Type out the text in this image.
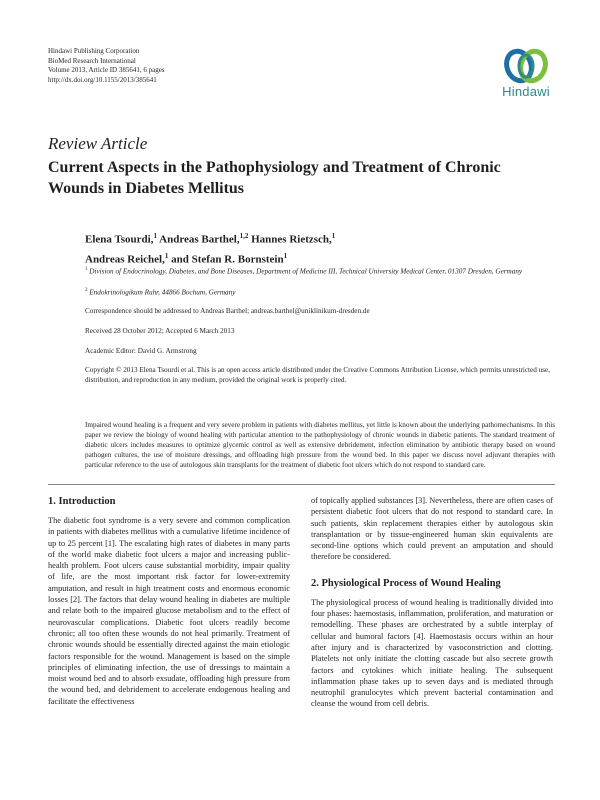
Hindawi Publishing Corporation
BioMed Research International
Volume 2013, Article ID 385641, 6 pages
http://dx.doi.org/10.1155/2013/385641
Hindawi
Review Article
Current Aspects in the Pathophysiology and Treatment of Chronic Wounds in Diabetes Mellitus
Elena Tsourdi,$^1$ Andreas Barthel,$^{1,2}$ Hannes Rietzsch,$^1$
Andreas Reichel,$^1$ and Stefan R. Bornstein$^1$
$^1$ Division of Endocrinology, Diabetes, and Bone Diseases, Department of Medicine III, Technical University Medical Center, 01307 Dresden, Germany
$^2$ Endokrinologikum Ruhr, 44866 Bochum, Germany
Correspondence should be addressed to Andreas Barthel; andreas.barthel@uniklinikum-dresden.de
Received 28 October 2012; Accepted 6 March 2013
Academic Editor: David G. Armstrong
Copyright © 2013 Elena Tsourdi et al. This is an open access article distributed under the Creative Commons Attribution License, which permits unrestricted use, distribution, and reproduction in any medium, provided the original work is properly cited.
Impaired wound healing is a frequent and very severe problem in patients with diabetes mellitus, yet little is known about the underlying pathomechanisms. In this paper we review the biology of wound healing with particular attention to the pathophysiology of chronic wounds in diabetic patients. The standard treatment of diabetic ulcers includes measures to optimize glycemic control as well as extensive debridement, infection elimination by antibiotic therapy based on wound pathogen cultures, the use of moisture dressings, and offloading high pressure from the wound bed. In this paper we discuss novel adjuvant therapies with particular reference to the use of autologous skin transplants for the treatment of diabetic foot ulcers which do not respond to standard care.
1. Introduction

The diabetic foot syndrome is a very severe and common complication in patients with diabetes mellitus with a cumulative lifetime incidence of up to 25 percent [1]. The escalating high rates of diabetes in many parts of the world make diabetic foot ulcers a major and increasing public-health problem. Foot ulcers cause substantial morbidity, impair quality of life, are the most important risk factor for lower-extremity amputation, and result in high treatment costs and enormous economic losses [2]. The factors that delay wound healing in diabetes are multiple and relate both to the impaired glucose metabolism and to the effect of neurovascular complications. Diabetic foot ulcers readily become chronic; all too often these wounds do not heal primarily. Treatment of chronic wounds should be essentially directed against the main etiologic factors responsible for the wound. Management is based on the simple principles of eliminating infection, the use of dressings to maintain a moist wound bed and to absorb exsudate, offloading high pressure from the wound bed, and debridement to accelerate endogenous healing and facilitate the effectiveness

of topically applied substances [3]. Nevertheless, there are often cases of persistent diabetic foot ulcers that do not respond to standard care. In such patients, skin replacement therapies either by autologous skin transplantation or by tissue-engineered human skin equivalents are second-line options which could prevent an amputation and should therefore be considered.

2. Physiological Process of Wound Healing

The physiological process of wound healing is traditionally divided into four phases: haemostasis, inflammation, proliferation, and maturation or remodelling. These phases are orchestrated by a subtle interplay of cellular and humoral factors [4]. Haemostasis occurs within an hour after injury and is characterized by vasoconstriction and clotting. Platelets not only initiate the clotting cascade but also secrete growth factors and cytokines which initiate healing. The subsequent inflammation phase takes up to seven days and is mediated through neutrophil granulocytes which prevent bacterial contamination and cleanse the wound from cell debris.
